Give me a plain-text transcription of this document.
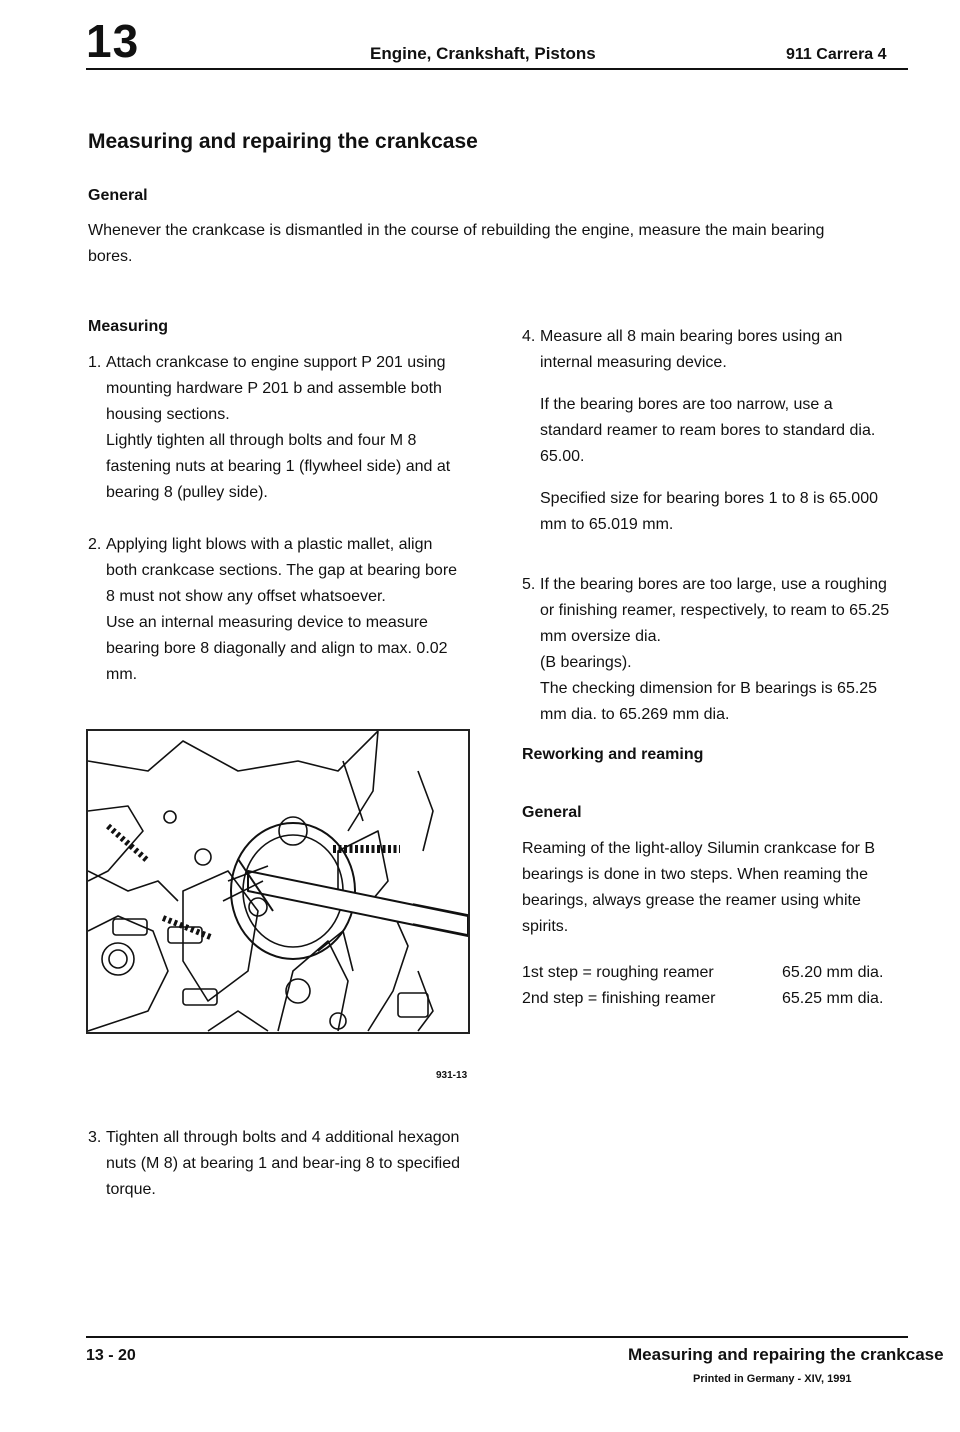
13	Engine, Crankshaft, Pistons	911 Carrera 4
Measuring and repairing the crankcase
General
Whenever the crankcase is dismantled in the course of rebuilding the engine, measure the main bearing bores.
Measuring
1. Attach crankcase to engine support P 201 using mounting hardware P 201 b and assemble both housing sections.
Lightly tighten all through bolts and four M 8 fastening nuts at bearing 1 (flywheel side) and at bearing 8 (pulley side).
2. Applying light blows with a plastic mallet, align both crankcase sections. The gap at bearing bore 8 must not show any offset whatsoever.
Use an internal measuring device to measure bearing bore 8 diagonally and align to max. 0.02 mm.
931-13
3. Tighten all through bolts and 4 additional hexagon nuts (M 8) at bearing 1 and bear-ing 8 to specified torque.
4. Measure all 8 main bearing bores using an internal measuring device.
If the bearing bores are too narrow, use a standard reamer to ream bores to standard dia. 65.00.
Specified size for bearing bores 1 to 8 is 65.000 mm to 65.019 mm.
5. If the bearing bores are too large, use a roughing or finishing reamer, respectively, to ream to 65.25 mm oversize dia.
(B bearings).
The checking dimension for B bearings is 65.25 mm dia. to 65.269 mm dia.
Reworking and reaming
General
Reaming of the light-alloy Silumin crankcase for B bearings is done in two steps. When reaming the bearings, always grease the reamer using white spirits.
1st step = roughing reamer	65.20 mm dia.
2nd step = finishing reamer	65.25 mm dia.
13 - 20	Measuring and repairing the crankcase
Printed in Germany - XIV, 1991
